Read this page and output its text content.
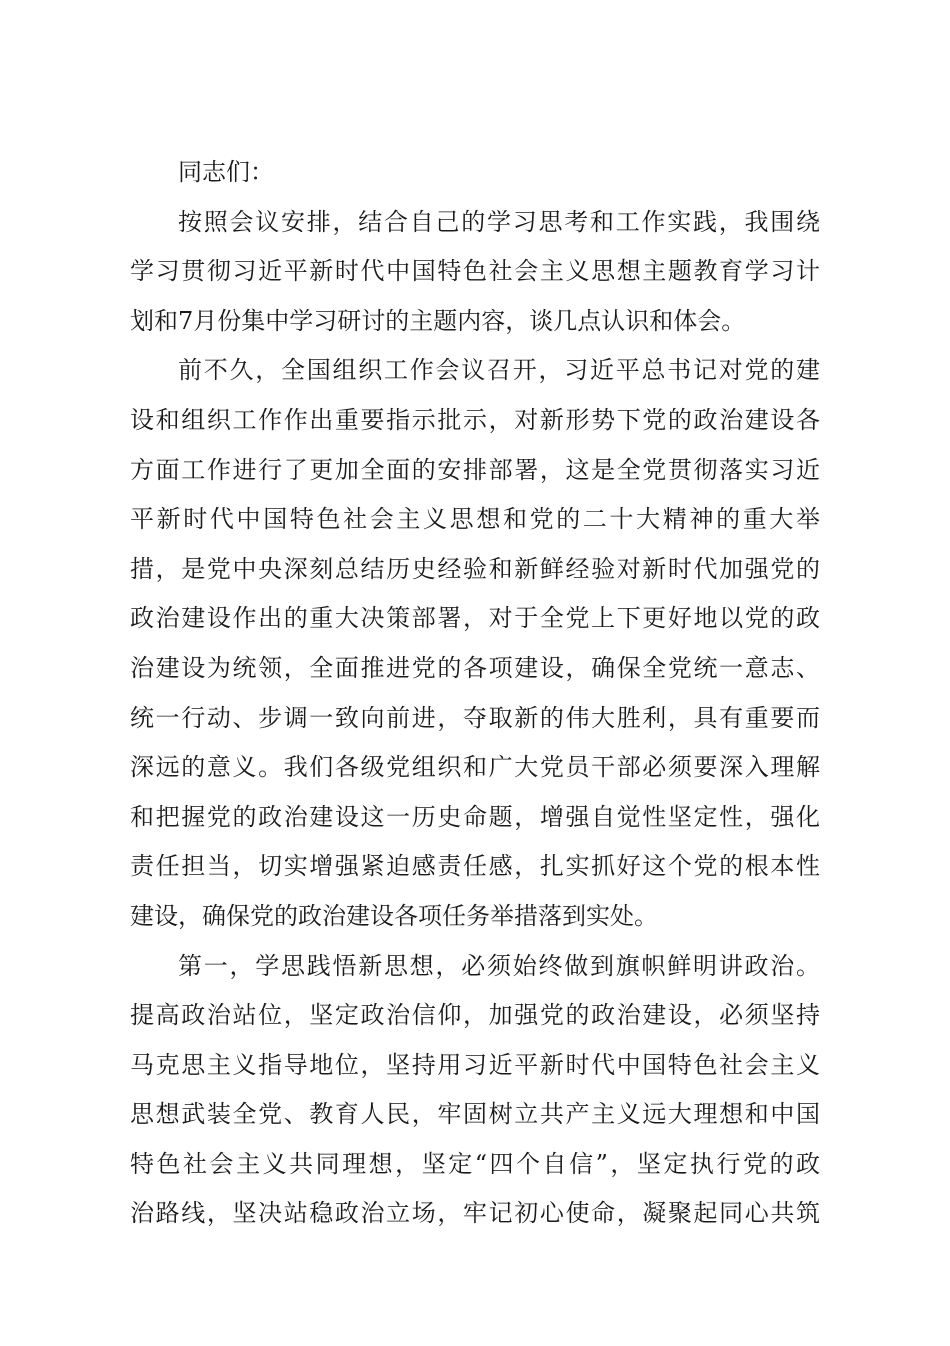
同志们：
按照会议安排，结合自己的学习思考和工作实践，我围绕
学习贯彻习近平新时代中国特色社会主义思想主题教育学习计
划和7月份集中学习研讨的主题内容，谈几点认识和体会。
前不久，全国组织工作会议召开，习近平总书记对党的建
设和组织工作作出重要指示批示，对新形势下党的政治建设各
方面工作进行了更加全面的安排部署，这是全党贯彻落实习近
平新时代中国特色社会主义思想和党的二十大精神的重大举
措，是党中央深刻总结历史经验和新鲜经验对新时代加强党的
政治建设作出的重大决策部署，对于全党上下更好地以党的政
治建设为统领，全面推进党的各项建设，确保全党统一意志、
统一行动、步调一致向前进，夺取新的伟大胜利，具有重要而
深远的意义。我们各级党组织和广大党员干部必须要深入理解
和把握党的政治建设这一历史命题，增强自觉性坚定性，强化
责任担当，切实增强紧迫感责任感，扎实抓好这个党的根本性
建设，确保党的政治建设各项任务举措落到实处。
第一，学思践悟新思想，必须始终做到旗帜鲜明讲政治。
提高政治站位，坚定政治信仰，加强党的政治建设，必须坚持
马克思主义指导地位，坚持用习近平新时代中国特色社会主义
思想武装全党、教育人民，牢固树立共产主义远大理想和中国
特色社会主义共同理想，坚定“四个自信”，坚定执行党的政
治路线，坚决站稳政治立场，牢记初心使命，凝聚起同心共筑
